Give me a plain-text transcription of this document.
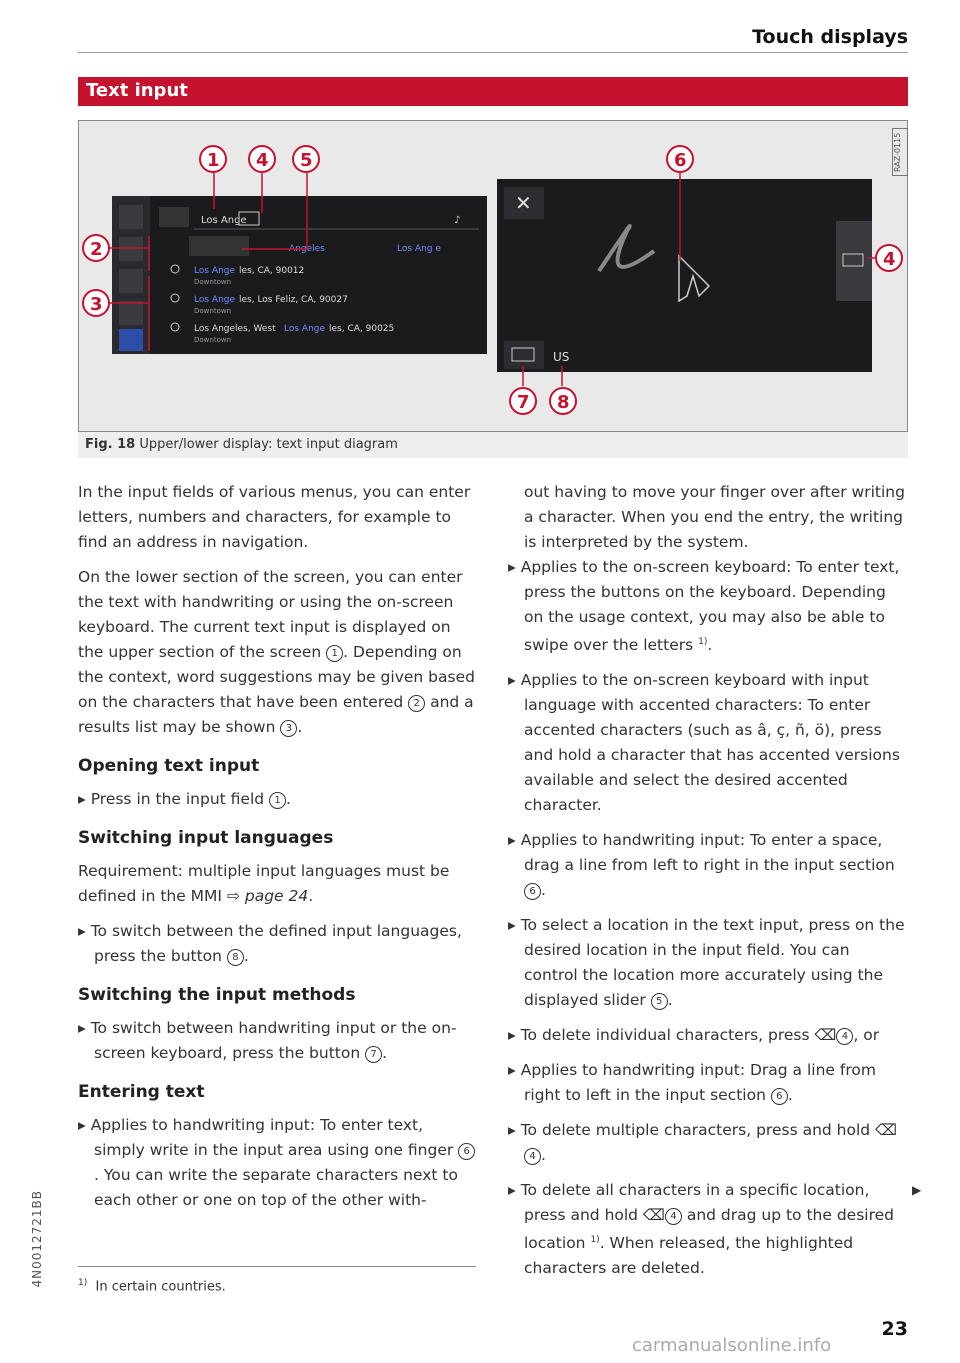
Touch displays
Text input
Los Ange	♪
Angeles	Los Ang e
Los Ange les, CA, 90012
Downtown
Los Ange les, Los Feliz, CA, 90027
Downtown
Los Angeles, West Los Ange les, CA, 90025
Downtown
✕
US
1 4 5
2
3
6
4
7 8
RAZ-0115
Fig. 18 Upper/lower display: text input diagram

In the input fields of various menus, you can enter letters, numbers and characters, for example to find an address in navigation.

On the lower section of the screen, you can enter the text with handwriting or using the on-screen keyboard. The current text input is displayed on the upper section of the screen 1 . Depending on the context, word suggestions may be given based on the characters that have been entered 2 and a results list may be shown 3 .

Opening text input

▸ Press in the input field 1 .

Switching input languages

Requirement: multiple input languages must be defined in the MMI ⇨ page 24.

▸ To switch between the defined input languages, press the button 8 .

Switching the input methods

▸ To switch between handwriting input or the on-screen keyboard, press the button 7 .

Entering text

▸ Applies to handwriting input: To enter text, simply write in the input area using one finger 6. You can write the separate characters next to each other or one on top of the other with-

out having to move your finger over after writing a character. When you end the entry, the writing is interpreted by the system.

▸ Applies to the on-screen keyboard: To enter text, press the buttons on the keyboard. Depending on the usage context, you may also be able to swipe over the letters $^{1)}$.

▸ Applies to the on-screen keyboard with input language with accented characters: To enter accented characters (such as â, ç, ñ, ö), press and hold a character that has accented versions available and select the desired accented character.

▸ Applies to handwriting input: To enter a space, drag a line from left to right in the input section 6 .

▸ To select a location in the text input, press on the desired location in the input field. You can control the location more accurately using the displayed slider 5 .

▸ To delete individual characters, press ⌫ 4 , or

▸ Applies to handwriting input: Drag a line from right to left in the input section 6 .

▸ To delete multiple characters, press and hold ⌫4 .

▸ To delete all characters in a specific location, press and hold ⌫ 4 and drag up to the desired location $^{1)}$. When released, the highlighted characters are deleted.

▶
$^{1)}$ In certain countries.
4N0012721BB
23
carmanualsonline.info
